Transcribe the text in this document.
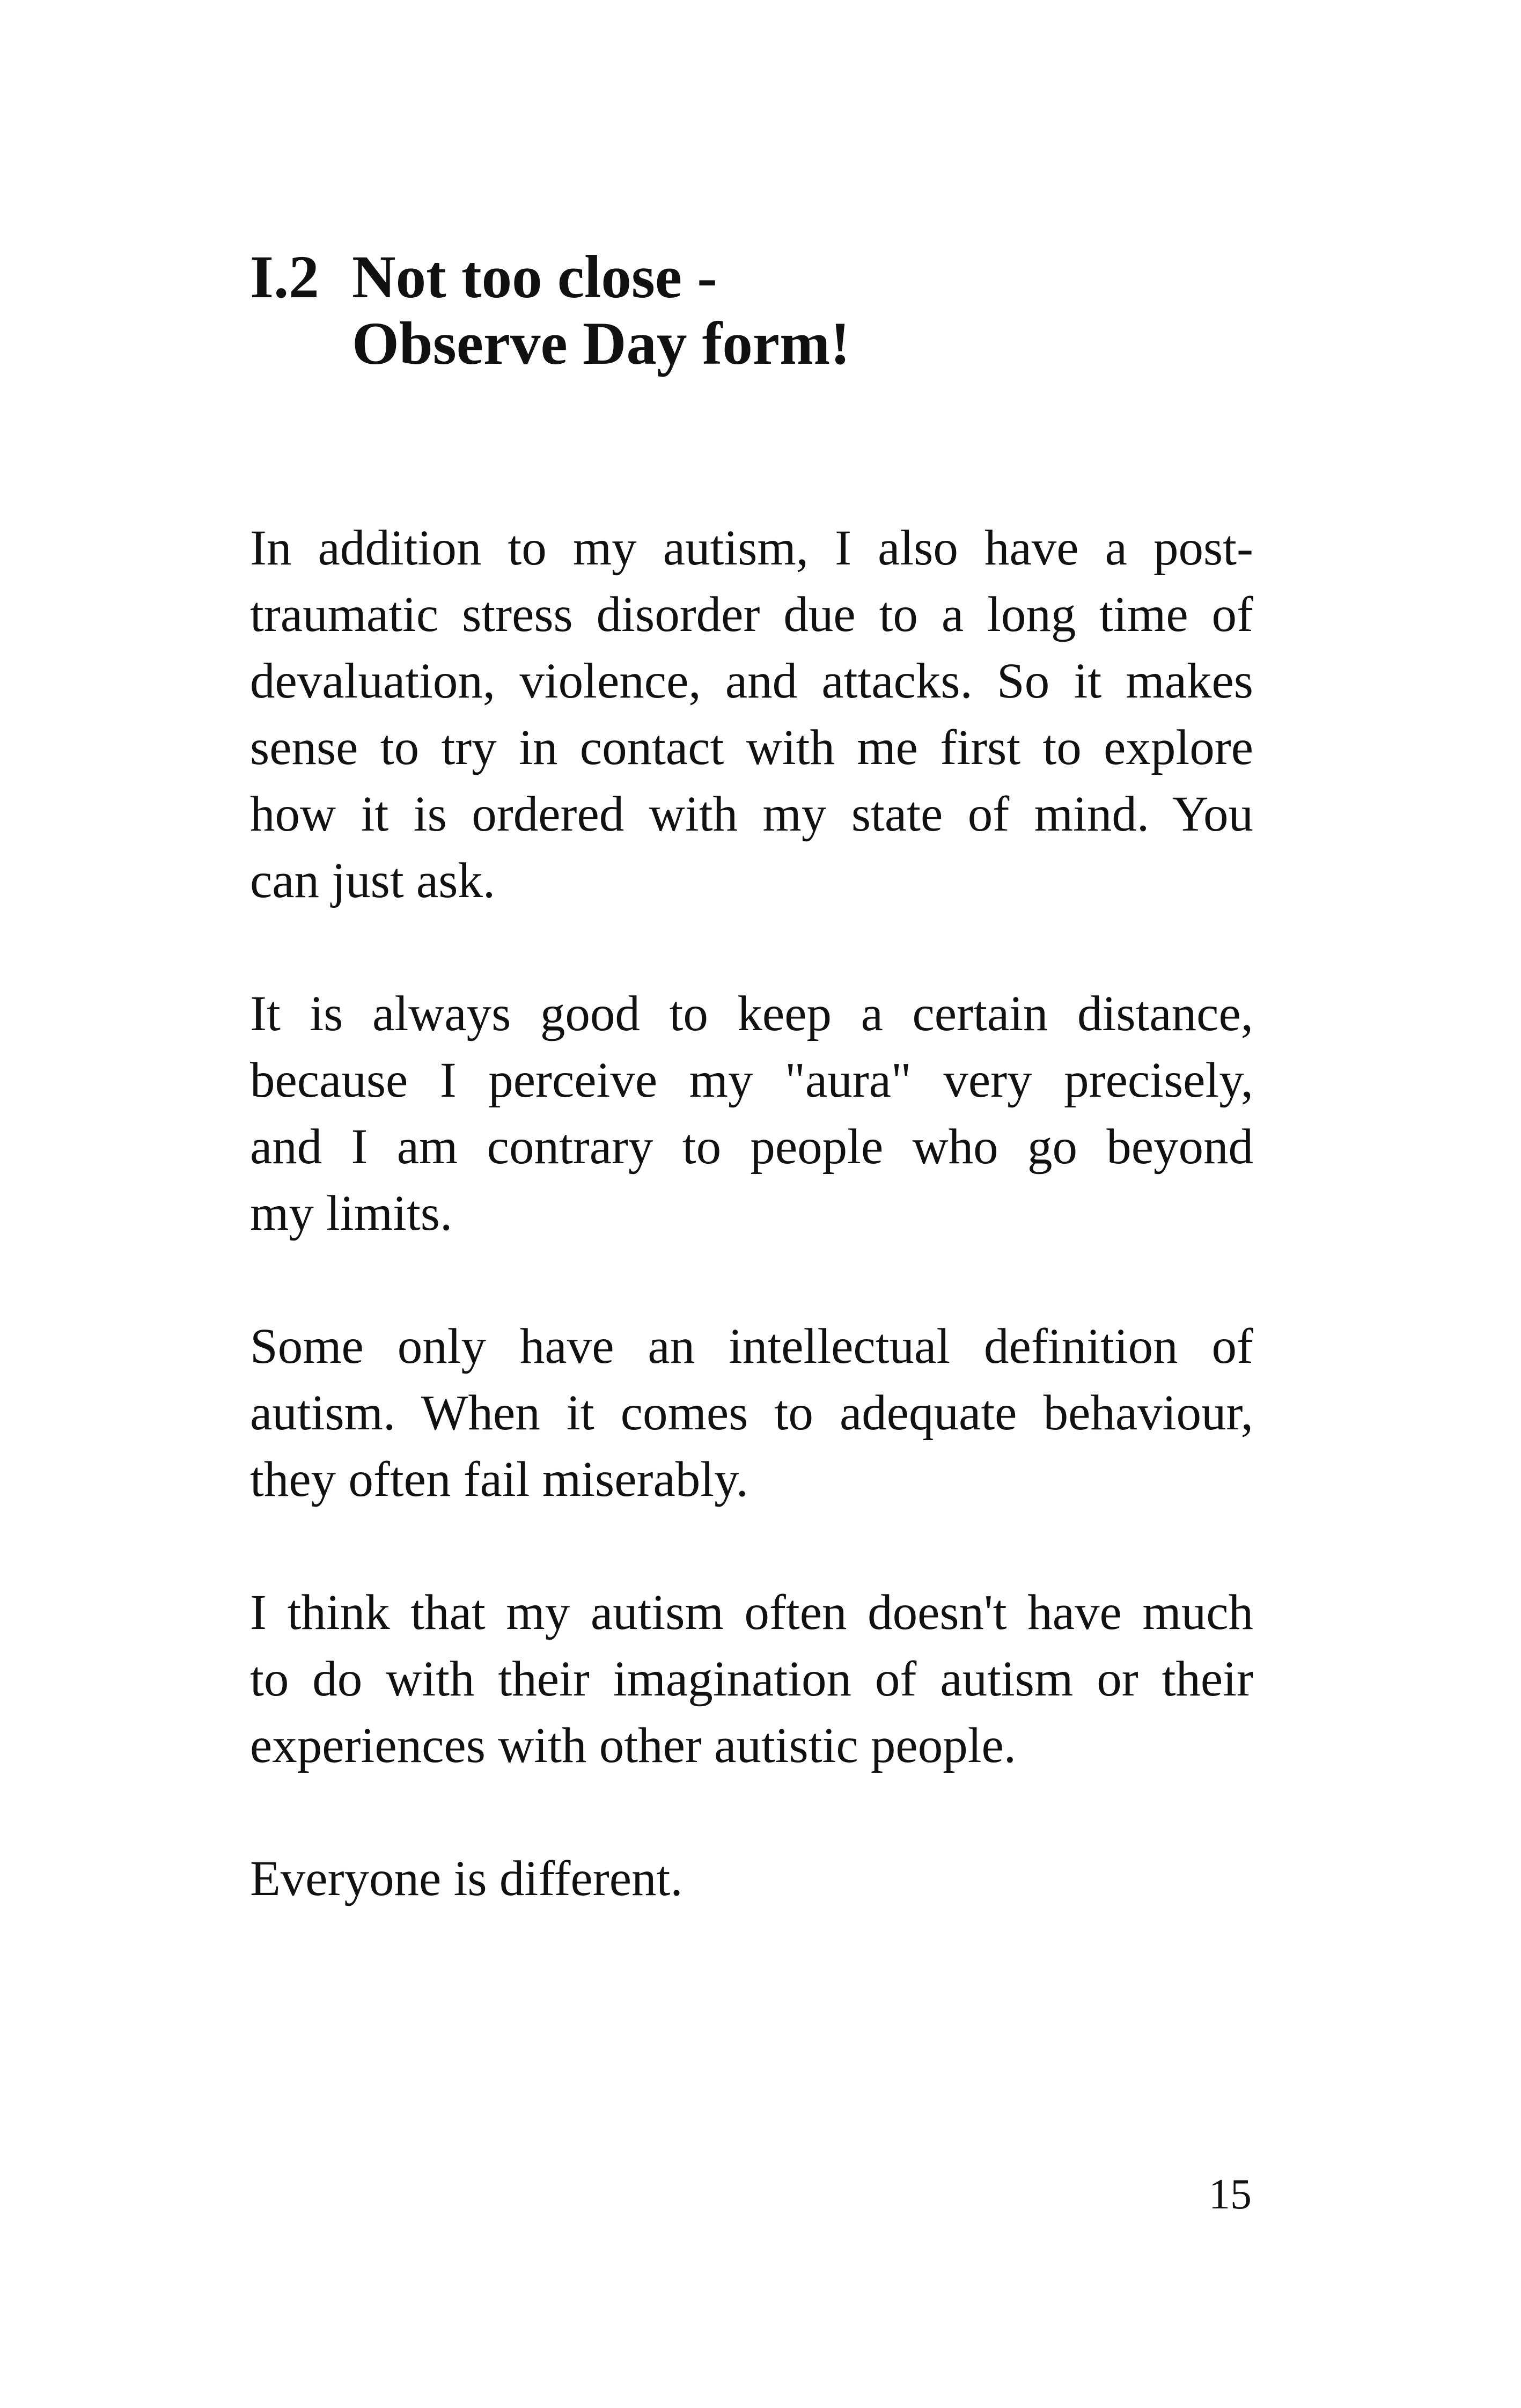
I.2 Not too close -
Observe Day form!
In addition to my autism, I also have a post-
traumatic stress disorder due to a long time of
devaluation, violence, and attacks. So it makes
sense to try in contact with me first to explore
how it is ordered with my state of mind. You
can just ask.
It is always good to keep a certain distance,
because I perceive my "aura" very precisely,
and I am contrary to people who go beyond
my limits.
Some only have an intellectual definition of
autism. When it comes to adequate behaviour,
they often fail miserably.
I think that my autism often doesn't have much
to do with their imagination of autism or their
experiences with other autistic people.
Everyone is different.
15
